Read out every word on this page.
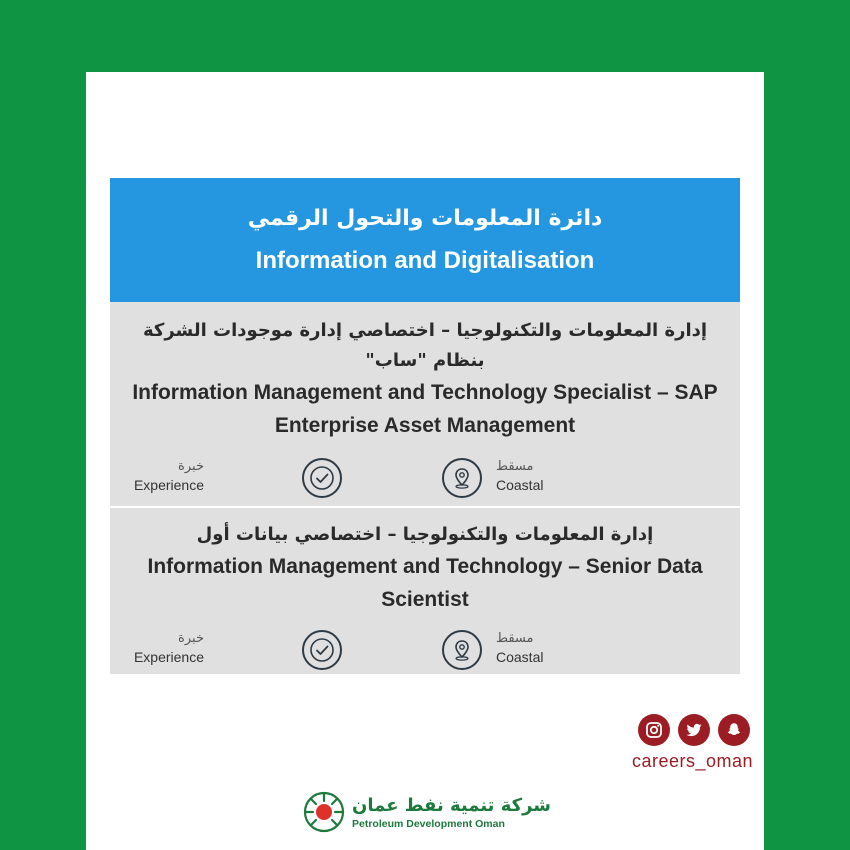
دائرة المعلومات والتحول الرقمي
Information and Digitalisation
إدارة المعلومات والتكنولوجيا – اختصاصي إدارة موجودات الشركة بنظام "ساب"
Information Management and Technology Specialist – SAP Enterprise Asset Management
خبرة
Experience
مسقط
Coastal
إدارة المعلومات والتكنولوجيا – اختصاصي بيانات أول
Information Management and Technology – Senior Data Scientist
خبرة
Experience
مسقط
Coastal
careers_oman
شركة تنمية نفط عمان
Petroleum Development Oman
